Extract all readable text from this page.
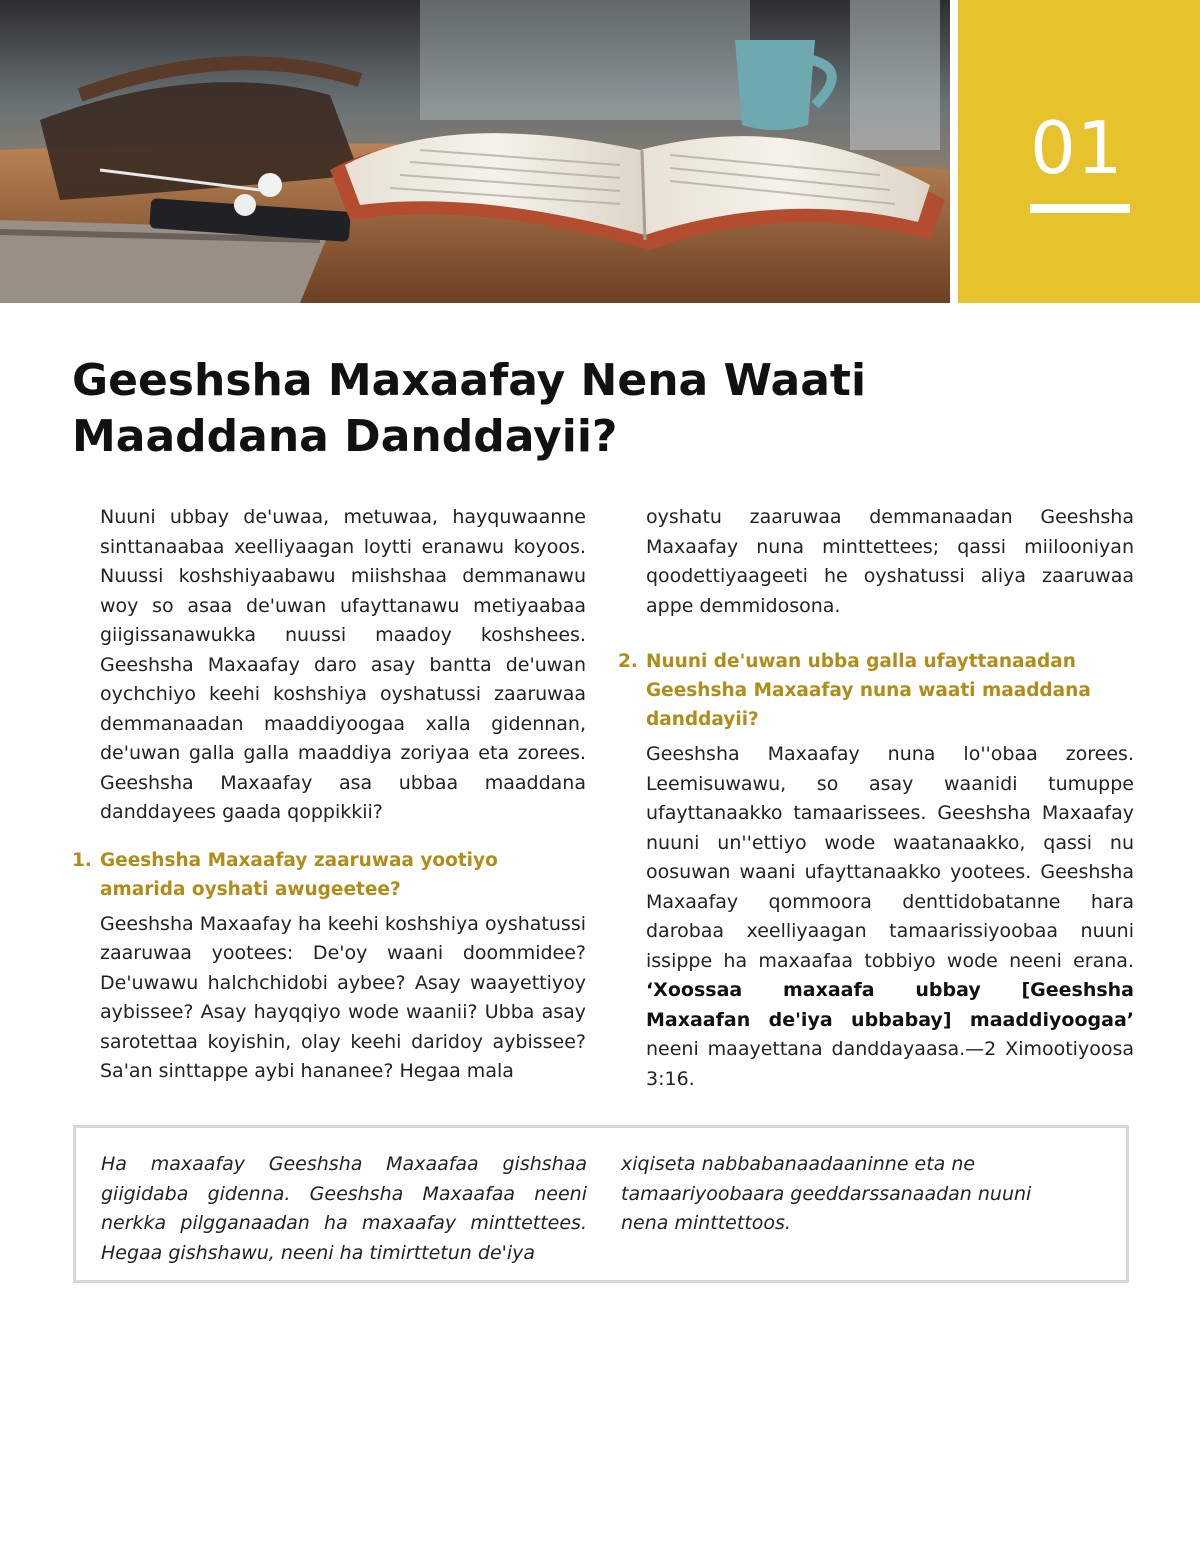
01
Geeshsha Maxaafay Nena Waati Maaddana Danddayii?

Nuuni ubbay de'uwaa, metuwaa, hayquwaanne sinttanaabaa xeelliyaagan loytti eranawu koyoos. Nuussi koshshiyaabawu miishshaa demmanawu woy so asaa de'uwan ufayttanawu metiyaabaa giigissanawukka nuussi maadoy koshshees. Geeshsha Maxaafay daro asay bantta de'uwan oychchiyo keehi koshshiya oyshatussi zaaruwaa demmanaadan maaddiyoogaa xalla gidennan, de'uwan galla galla maaddiya zoriyaa eta zorees. Geeshsha Maxaafay asa ubbaa maaddana danddayees gaada qoppikkii?

1. Geeshsha Maxaafay zaaruwaa yootiyo amarida oyshati awugeetee?

Geeshsha Maxaafay ha keehi koshshiya oyshatussi zaaruwaa yootees: De'oy waani doommidee? De'uwawu halchchidobi aybee? Asay waayettiyoy aybissee? Asay hayqqiyo wode waanii? Ubba asay sarotettaa koyishin, olay keehi daridoy aybissee? Sa'an sinttappe aybi hananee? Hegaa mala

oyshatu zaaruwaa demmanaadan Geeshsha Maxaafay nuna minttettees; qassi miilooniyan qoodettiyaageeti he oyshatussi aliya zaaruwaa appe demmidosona.

Ha maxaafay Geeshsha Maxaafaa gishshaa giigidaba gidenna. Geeshsha Maxaafaa neeni nerkka pilgganaadan ha maxaafay minttettees. Hegaa gishshawu, neeni ha timirttetun de'iya
xiqiseta nabbabanaadaaninne eta ne tamaariyoobaara geeddarssanaadan nuuni nena minttettoos.
2. Nuuni de'uwan ubba galla ufayttanaadan Geeshsha Maxaafay nuna waati maaddana danddayii?

Geeshsha Maxaafay nuna lo''obaa zorees. Leemisuwawu, so asay waanidi tumuppe ufayttanaakko tamaarissees. Geeshsha Maxaafay nuuni un''ettiyo wode waatanaakko, qassi nu oosuwan waani ufayttanaakko yootees. Geeshsha Maxaafay qommoora denttidobatanne hara darobaa xeelliyaagan tamaarissiyoobaa nuuni issippe ha maxaafaa tobbiyo wode neeni erana. ‘Xoossaa maxaafa ubbay [Geeshsha Maxaafan de'iya ubbabay] maaddiyoogaa’ neeni maayettana danddayaasa.—2 Ximootiyoosa 3:16.
